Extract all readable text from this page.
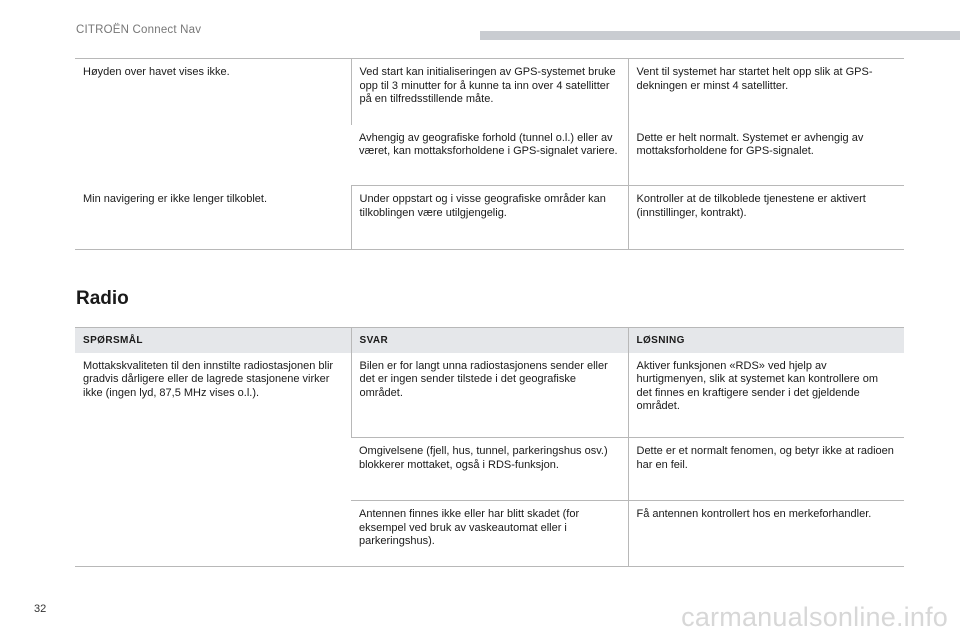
CITROËN Connect Nav
Høyden over havet vises ikke.	Ved start kan initialiseringen av GPS-systemet bruke opp til 3 minutter for å kunne ta inn over 4 satellitter på en tilfredsstillende måte.	Vent til systemet har startet helt opp slik at GPS-dekningen er minst 4 satellitter.
	Avhengig av geografiske forhold (tunnel o.l.) eller av været, kan mottaksforholdene i GPS-signalet variere.	Dette er helt normalt. Systemet er avhengig av mottaksforholdene for GPS-signalet.
Min navigering er ikke lenger tilkoblet.	Under oppstart og i visse geografiske områder kan tilkoblingen være utilgjengelig.	Kontroller at de tilkoblede tjenestene er aktivert (innstillinger, kontrakt).
Radio
SPØRSMÅL	SVAR	LØSNING
Mottakskvaliteten til den innstilte radiostasjonen blir gradvis dårligere eller de lagrede stasjonene virker ikke (ingen lyd, 87,5 MHz vises o.l.).	Bilen er for langt unna radiostasjonens sender eller det er ingen sender tilstede i det geografiske området.	Aktiver funksjonen «RDS» ved hjelp av hurtigmenyen, slik at systemet kan kontrollere om det finnes en kraftigere sender i det gjeldende området.
	Omgivelsene (fjell, hus, tunnel, parkeringshus osv.) blokkerer mottaket, også i RDS-funksjon.	Dette er et normalt fenomen, og betyr ikke at radioen har en feil.
	Antennen finnes ikke eller har blitt skadet (for eksempel ved bruk av vaskeautomat eller i parkeringshus).	Få antennen kontrollert hos en merkeforhandler.
32	carmanualsonline.info
